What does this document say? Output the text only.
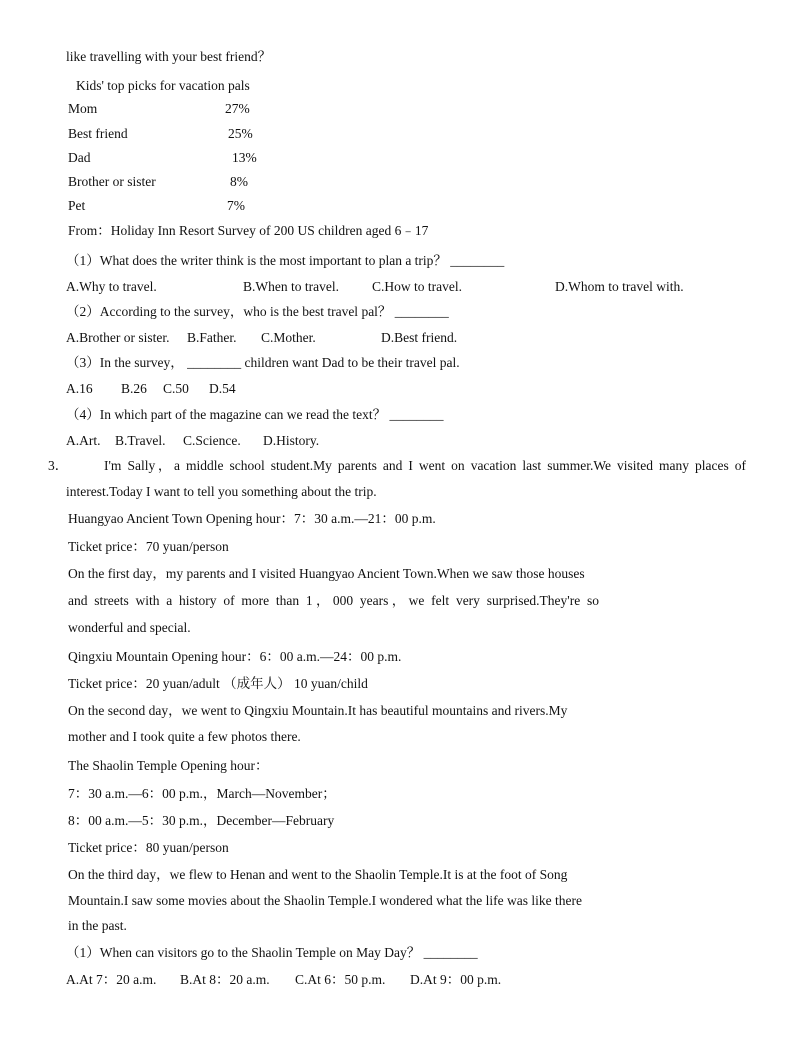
like travelling with your best friend？
Kids' top picks for vacation pals
Mom	27%
Best friend	25%
Dad	13%
Brother or sister	8%
Pet	7%
From：Holiday Inn Resort Survey of 200 US children aged 6﹣17
（1）What does the writer think is the most important to plan a trip？ ________
A.Why to travel.	B.When to travel. C.How to travel.	D.Whom to travel with.
（2）According to the survey，who is the best travel pal？ ________
A.Brother or sister. B.Father. C.Mother.	D.Best friend.
（3）In the survey， ________ children want Dad to be their travel pal.
A.16 B.26 C.50 D.54
（4）In which part of the magazine can we read the text？ ________
A.Art. B.Travel. C.Science. D.History.
3．	I'm Sally，a middle school student.My parents and I went on vacation last summer.We visited many places of
interest.Today I want to tell you something about the trip.
Huangyao Ancient Town Opening hour：7：30 a.m.—21：00 p.m.
Ticket price：70 yuan/person
On the first day，my parents and I visited Huangyao Ancient Town.When we saw those houses
and streets with a history of more than 1，000 years，we felt very surprised.They're so
wonderful and special.
Qingxiu Mountain Opening hour：6：00 a.m.—24：00 p.m.
Ticket price：20 yuan/adult （成年人） 10 yuan/child
On the second day，we went to Qingxiu Mountain.It has beautiful mountains and rivers.My
mother and I took quite a few photos there.
The Shaolin Temple Opening hour：
7：30 a.m.—6：00 p.m.，March—November；
8：00 a.m.—5：30 p.m.，December—February
Ticket price：80 yuan/person
On the third day，we flew to Henan and went to the Shaolin Temple.It is at the foot of Song
Mountain.I saw some movies about the Shaolin Temple.I wondered what the life was like there
in the past.
（1）When can visitors go to the Shaolin Temple on May Day？ ________
A.At 7：20 a.m. B.At 8：20 a.m. C.At 6：50 p.m. D.At 9：00 p.m.
